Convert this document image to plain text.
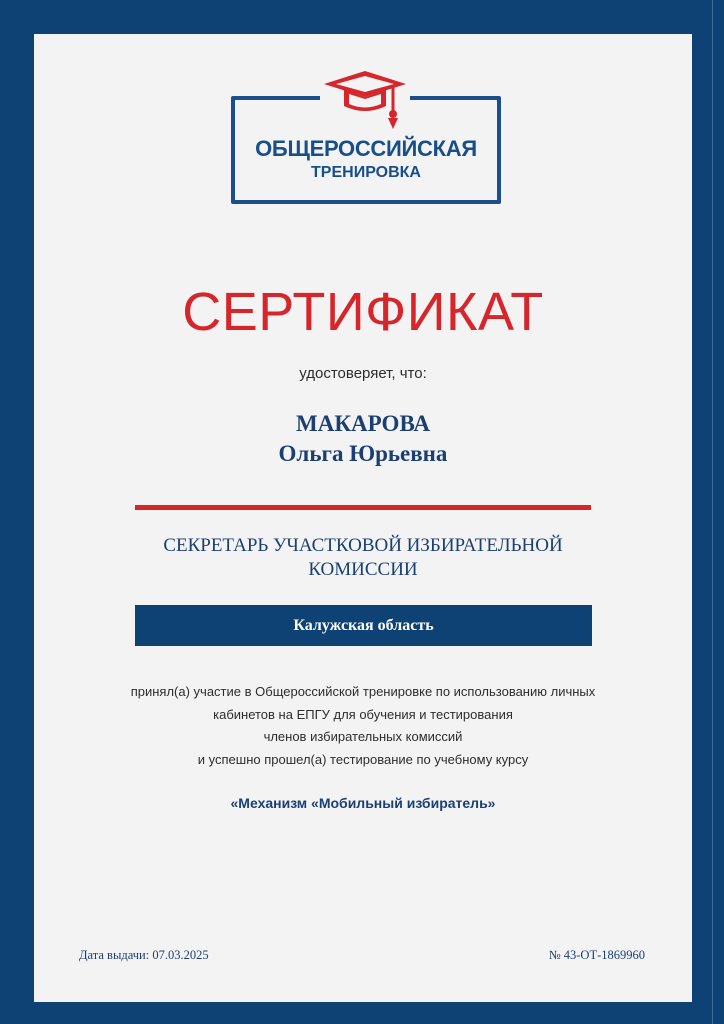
ОБЩЕРОССИЙСКАЯ
ТРЕНИРОВКА
СЕРТИФИКАТ
удостоверяет, что:
МАКАРОВА
Ольга Юрьевна
СЕКРЕТАРЬ УЧАСТКОВОЙ ИЗБИРАТЕЛЬНОЙ
КОМИССИИ
Калужская область
принял(а) участие в Общероссийской тренировке по использованию личных
кабинетов на ЕПГУ для обучения и тестирования
членов избирательных комиссий
и успешно прошел(а) тестирование по учебному курсу
«Механизм «Мобильный избиратель»
Дата выдачи: 07.03.2025	№ 43-ОТ-1869960
